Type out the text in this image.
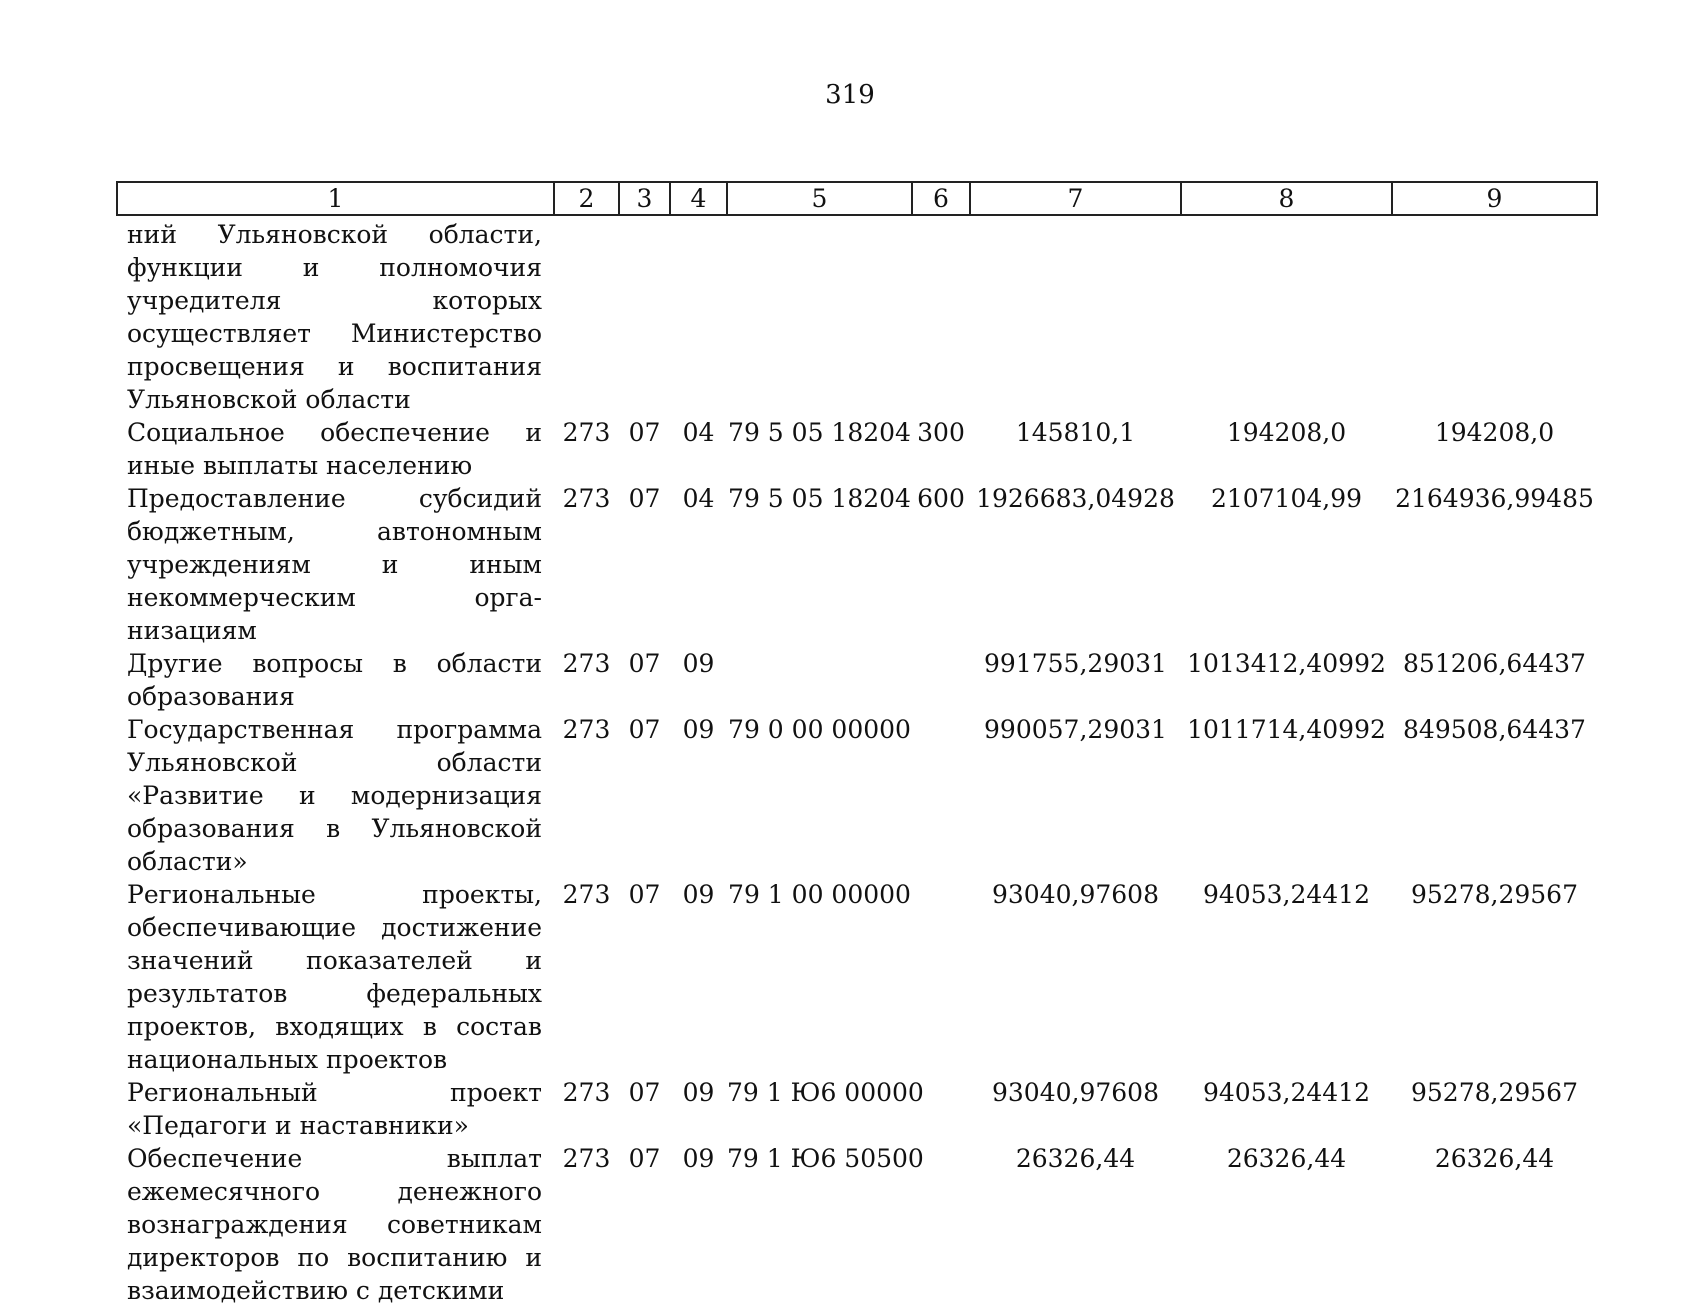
319
1	2	3	4	5	6	7	8	9
ний Ульяновской области, функции и полномочия учредителя которых осуществляет Министерство просвещения и воспитания Ульяновской области								
Социальное обеспечение и иные выплаты населению	273	07	04	79 5 05 18204	300	145810,1	194208,0	194208,0
Предоставление субсидий бюджетным, автономным учреждениям и иным некоммерческим организациям	273	07	04	79 5 05 18204	600	1926683,04928	2107104,99	2164936,99485
Другие вопросы в области образования	273	07	09			991755,29031	1013412,40992	851206,64437
Государственная программа Ульяновской области «Развитие и модернизация образования в Ульяновской области»	273	07	09	79 0 00 00000		990057,29031	1011714,40992	849508,64437
Региональные проекты, обеспечивающие достижение значений показателей и результатов федеральных проектов, входящих в состав национальных проектов	273	07	09	79 1 00 00000		93040,97608	94053,24412	95278,29567
Региональный проект «Педагоги и наставники»	273	07	09	79 1 Ю6 00000		93040,97608	94053,24412	95278,29567
Обеспечение выплат ежемесячного денежного вознаграждения советникам директоров по воспитанию и взаимодействию с детскими	273	07	09	79 1 Ю6 50500		26326,44	26326,44	26326,44
